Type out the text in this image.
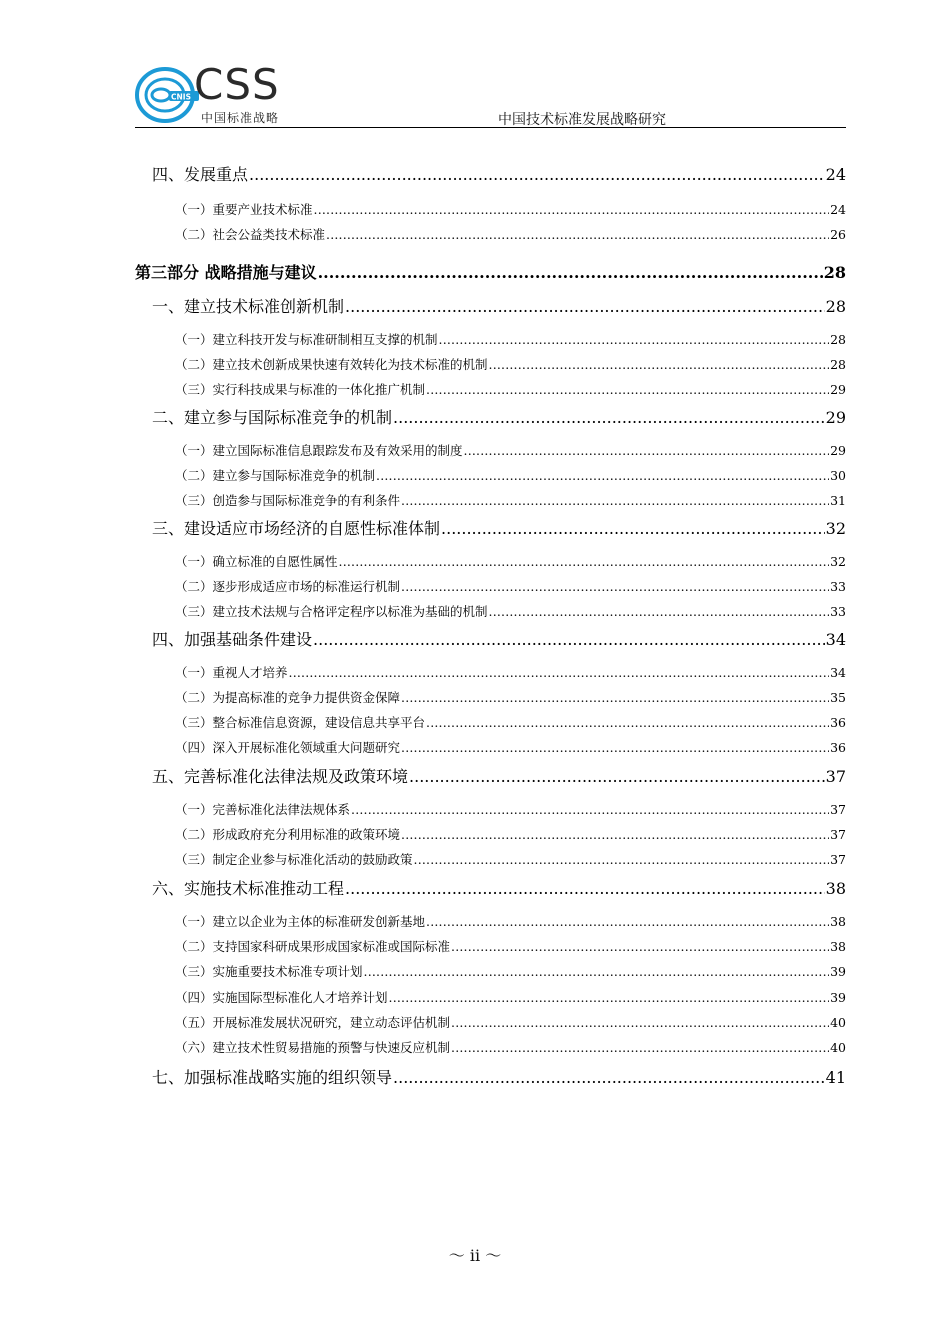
CNIS CSS
中国标准战略	中国技术标准发展战略研究
四、发展重点 .....	24
（一）重要产业技术标准 .....	24
（二）社会公益类技术标准 .....	26
第三部分 战略措施与建议 .....	28
一、建立技术标准创新机制 .....	28
（一）建立科技开发与标准研制相互支撑的机制 .....	28
（二）建立技术创新成果快速有效转化为技术标准的机制 .....	28
（三）实行科技成果与标准的一体化推广机制 .....	29
二、建立参与国际标准竞争的机制 .....	29
（一）建立国际标准信息跟踪发布及有效采用的制度 .....	29
（二）建立参与国际标准竞争的机制 .....	30
（三）创造参与国际标准竞争的有利条件 .....	31
三、建设适应市场经济的自愿性标准体制 .....	32
（一）确立标准的自愿性属性 .....	32
（二）逐步形成适应市场的标准运行机制 .....	33
（三）建立技术法规与合格评定程序以标准为基础的机制 .....	33
四、加强基础条件建设 .....	34
（一）重视人才培养 .....	34
（二）为提高标准的竞争力提供资金保障 .....	35
（三）整合标准信息资源，建设信息共享平台 .....	36
（四）深入开展标准化领域重大问题研究 .....	36
五、完善标准化法律法规及政策环境 .....	37
（一）完善标准化法律法规体系 .....	37
（二）形成政府充分利用标准的政策环境 .....	37
（三）制定企业参与标准化活动的鼓励政策 .....	37
六、实施技术标准推动工程 .....	38
（一）建立以企业为主体的标准研发创新基地 .....	38
（二）支持国家科研成果形成国家标准或国际标准 .....	38
（三）实施重要技术标准专项计划 .....	39
（四）实施国际型标准化人才培养计划 .....	39
（五）开展标准发展状况研究，建立动态评估机制 .....	40
（六）建立技术性贸易措施的预警与快速反应机制 .....	40
七、加强标准战略实施的组织领导 .....	41
～ ii ～
